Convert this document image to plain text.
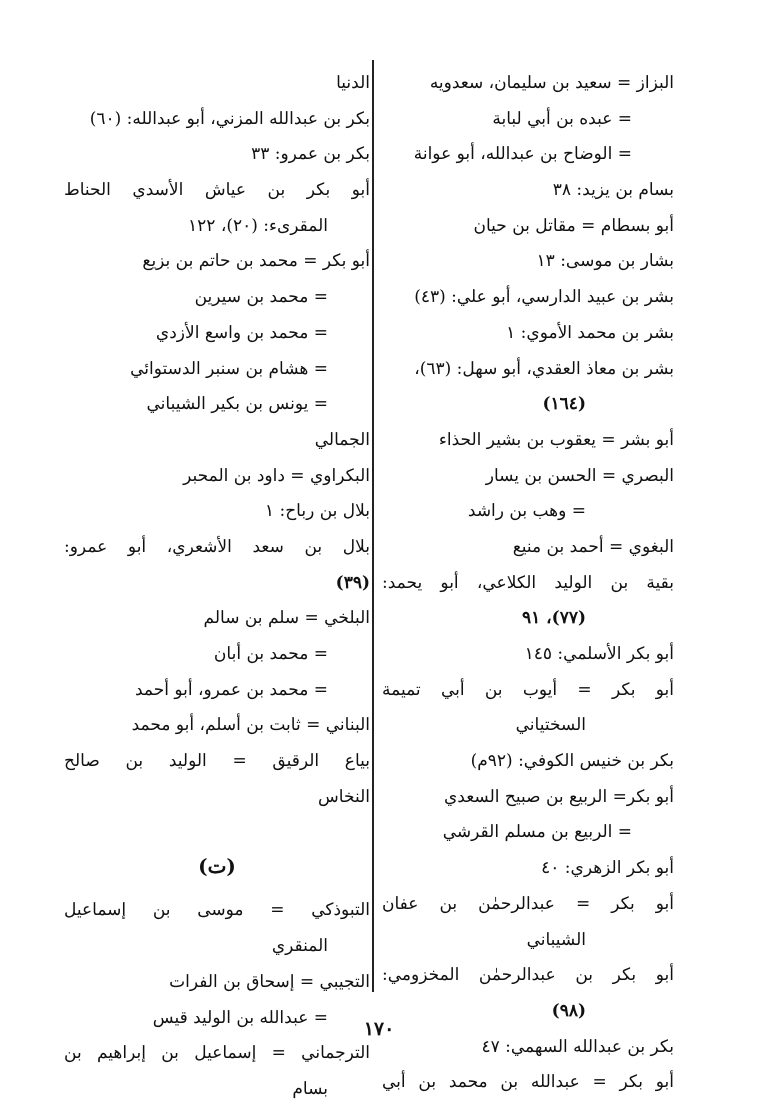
البزاز = سعيد بن سليمان، سعدويه
= عبده بن أبي لبابة
= الوضاح بن عبدالله، أبو عوانة
بسام بن يزيد: ٣٨
أبو بسطام = مقاتل بن حيان
بشار بن موسى: ١٣
بشر بن عبيد الدارسي، أبو علي: (٤٣)
بشر بن محمد الأموي: ١
بشر بن معاذ العقدي، أبو سهل: (٦٣)،
(١٦٤)
أبو بشر = يعقوب بن بشير الحذاء
البصري = الحسن بن يسار
= وهب بن راشد
البغوي = أحمد بن منيع
بقية بن الوليد الكلاعي، أبو يحمد:
(٧٧)، ٩١
أبو بكر الأسلمي: ١٤٥
أبو بكر = أيوب بن أبي تميمة
السختياني
بكر بن خنيس الكوفي: (٩٢م)
أبو بكر= الربيع بن صبيح السعدي
= الربيع بن مسلم القرشي
أبو بكر الزهري: ٤٠
أبو بكر = عبدالرحمٰن بن عفان
الشيباني
أبو بكر بن عبدالرحمٰن المخزومي:
(٩٨)
بكر بن عبدالله السهمي: ٤٧
أبو بكر = عبدالله بن محمد بن أبي
الدنيا
بكر بن عبدالله المزني، أبو عبدالله: (٦٠)
بكر بن عمرو: ٣٣
أبو بكر بن عياش الأسدي الحناط
المقرىء: (٢٠)، ١٢٢
أبو بكر = محمد بن حاتم بن بزيع
= محمد بن سيرين
= محمد بن واسع الأزدي
= هشام بن سنبر الدستوائي
= يونس بن بكير الشيباني
الجمالي
البكراوي = داود بن المحبر
بلال بن رباح: ١
بلال بن سعد الأشعري، أبو عمرو:
(٣٩)
البلخي = سلم بن سالم
= محمد بن أبان
= محمد بن عمرو، أبو أحمد
البناني = ثابت بن أسلم، أبو محمد
بياع الرقيق = الوليد بن صالح
النخاس
(ت)
التبوذكي = موسى بن إسماعيل
المنقري
التجيبي = إسحاق بن الفرات
= عبدالله بن الوليد قيس
الترجماني = إسماعيل بن إبراهيم بن
بسام
١٧٠
